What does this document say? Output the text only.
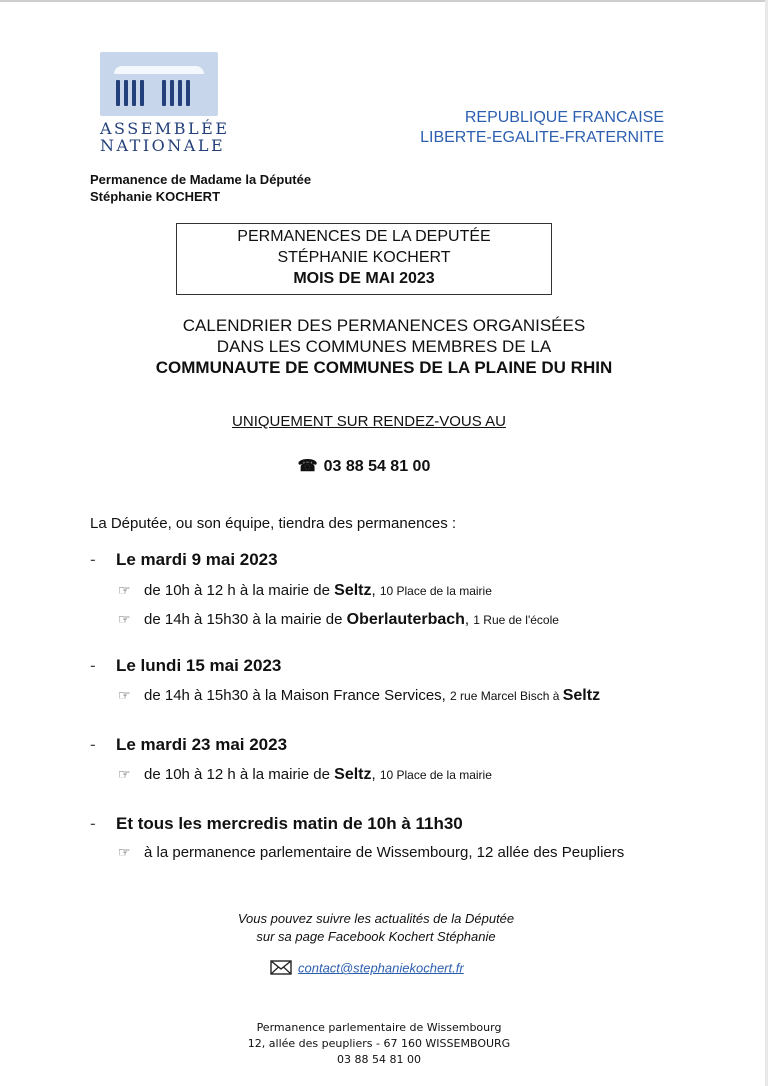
ASSEMBLÉE
NATIONALE
REPUBLIQUE FRANCAISE
LIBERTE-EGALITE-FRATERNITE
Permanence de Madame la Députée
Stéphanie KOCHERT
PERMANENCES DE LA DEPUTÉE
STÉPHANIE KOCHERT
MOIS DE MAI 2023
CALENDRIER DES PERMANENCES ORGANISÉES
DANS LES COMMUNES MEMBRES DE LA
COMMUNAUTE DE COMMUNES DE LA PLAINE DU RHIN
UNIQUEMENT SUR RENDEZ-VOUS AU
☎ 03 88 54 81 00
La Députée, ou son équipe, tiendra des permanences :
- Le mardi 9 mai 2023
☞ de 10h à 12 h à la mairie de Seltz, 10 Place de la mairie
☞ de 14h à 15h30 à la mairie de Oberlauterbach, 1 Rue de l'école
- Le lundi 15 mai 2023
☞ de 14h à 15h30 à la Maison France Services, 2 rue Marcel Bisch à Seltz
- Le mardi 23 mai 2023
☞ de 10h à 12 h à la mairie de Seltz, 10 Place de la mairie
- Et tous les mercredis matin de 10h à 11h30
☞ à la permanence parlementaire de Wissembourg, 12 allée des Peupliers
Vous pouvez suivre les actualités de la Députée
sur sa page Facebook Kochert Stéphanie
contact@stephaniekochert.fr
Permanence parlementaire de Wissembourg
12, allée des peupliers - 67 160 WISSEMBOURG
03 88 54 81 00
